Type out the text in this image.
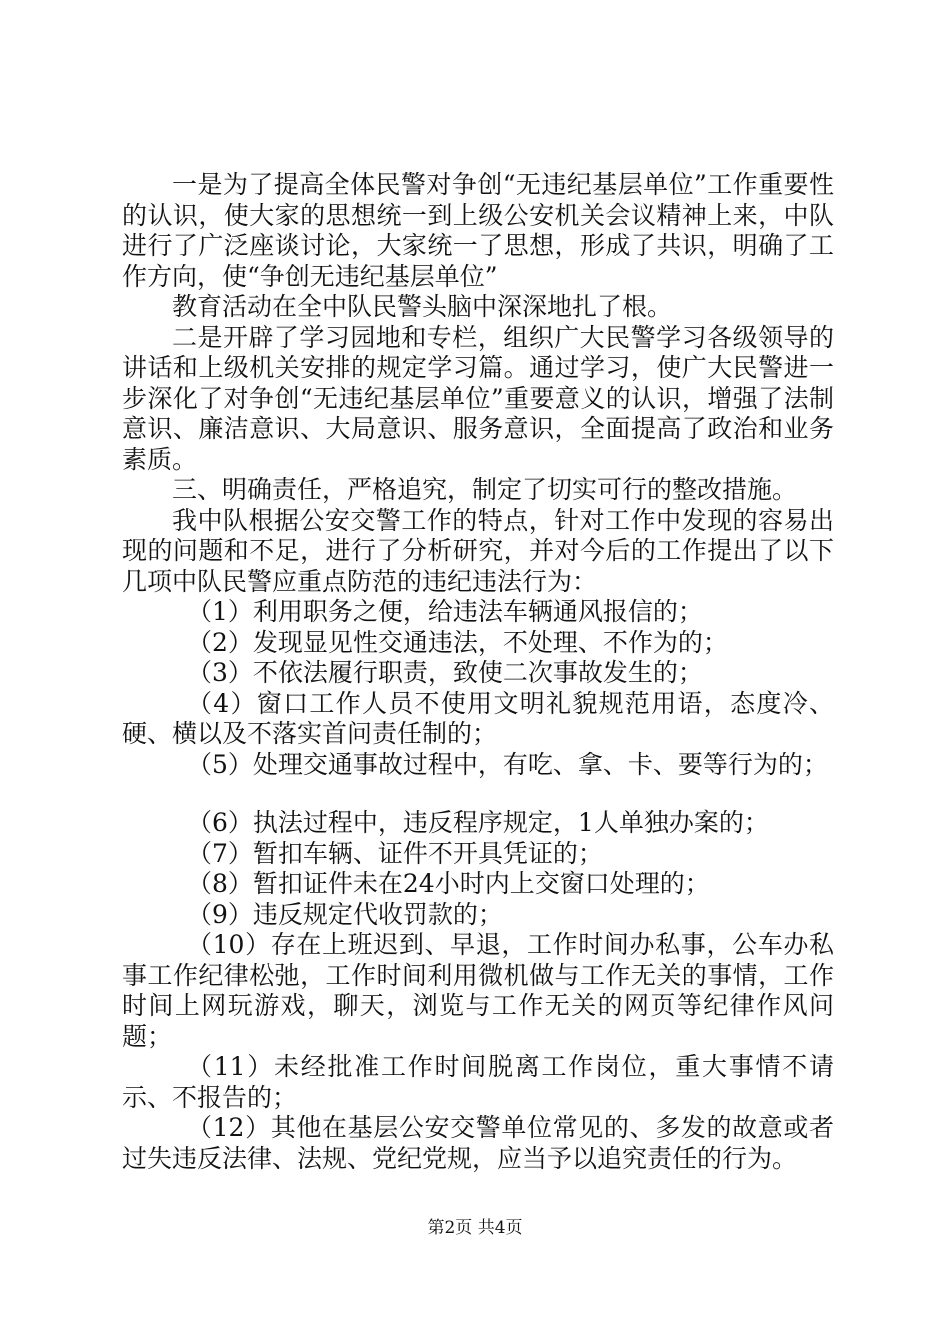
一是为了提高全体民警对争创“无违纪基层单位”工作重要性的认识，使大家的思想统一到上级公安机关会议精神上来，中队进行了广泛座谈讨论，大家统一了思想，形成了共识，明确了工作方向，使“争创无违纪基层单位”

教育活动在全中队民警头脑中深深地扎了根。

二是开辟了学习园地和专栏，组织广大民警学习各级领导的讲话和上级机关安排的规定学习篇。通过学习，使广大民警进一步深化了对争创“无违纪基层单位”重要意义的认识，增强了法制意识、廉洁意识、大局意识、服务意识，全面提高了政治和业务素质。

三、明确责任，严格追究，制定了切实可行的整改措施。

我中队根据公安交警工作的特点，针对工作中发现的容易出现的问题和不足，进行了分析研究，并对今后的工作提出了以下几项中队民警应重点防范的违纪违法行为：

（1）利用职务之便，给违法车辆通风报信的；

（2）发现显见性交通违法，不处理、不作为的；

（3）不依法履行职责，致使二次事故发生的；

（4）窗口工作人员不使用文明礼貌规范用语，态度冷、硬、横以及不落实首问责任制的；

（5）处理交通事故过程中，有吃、拿、卡、要等行为的；

（6）执法过程中，违反程序规定，1人单独办案的；

（7）暂扣车辆、证件不开具凭证的；

（8）暂扣证件未在24小时内上交窗口处理的；

（9）违反规定代收罚款的；

（10）存在上班迟到、早退，工作时间办私事，公车办私事工作纪律松弛，工作时间利用微机做与工作无关的事情，工作时间上网玩游戏，聊天，浏览与工作无关的网页等纪律作风问题；

（11）未经批准工作时间脱离工作岗位，重大事情不请示、不报告的；

（12）其他在基层公安交警单位常见的、多发的故意或者过失违反法律、法规、党纪党规，应当予以追究责任的行为。

第2页 共4页
